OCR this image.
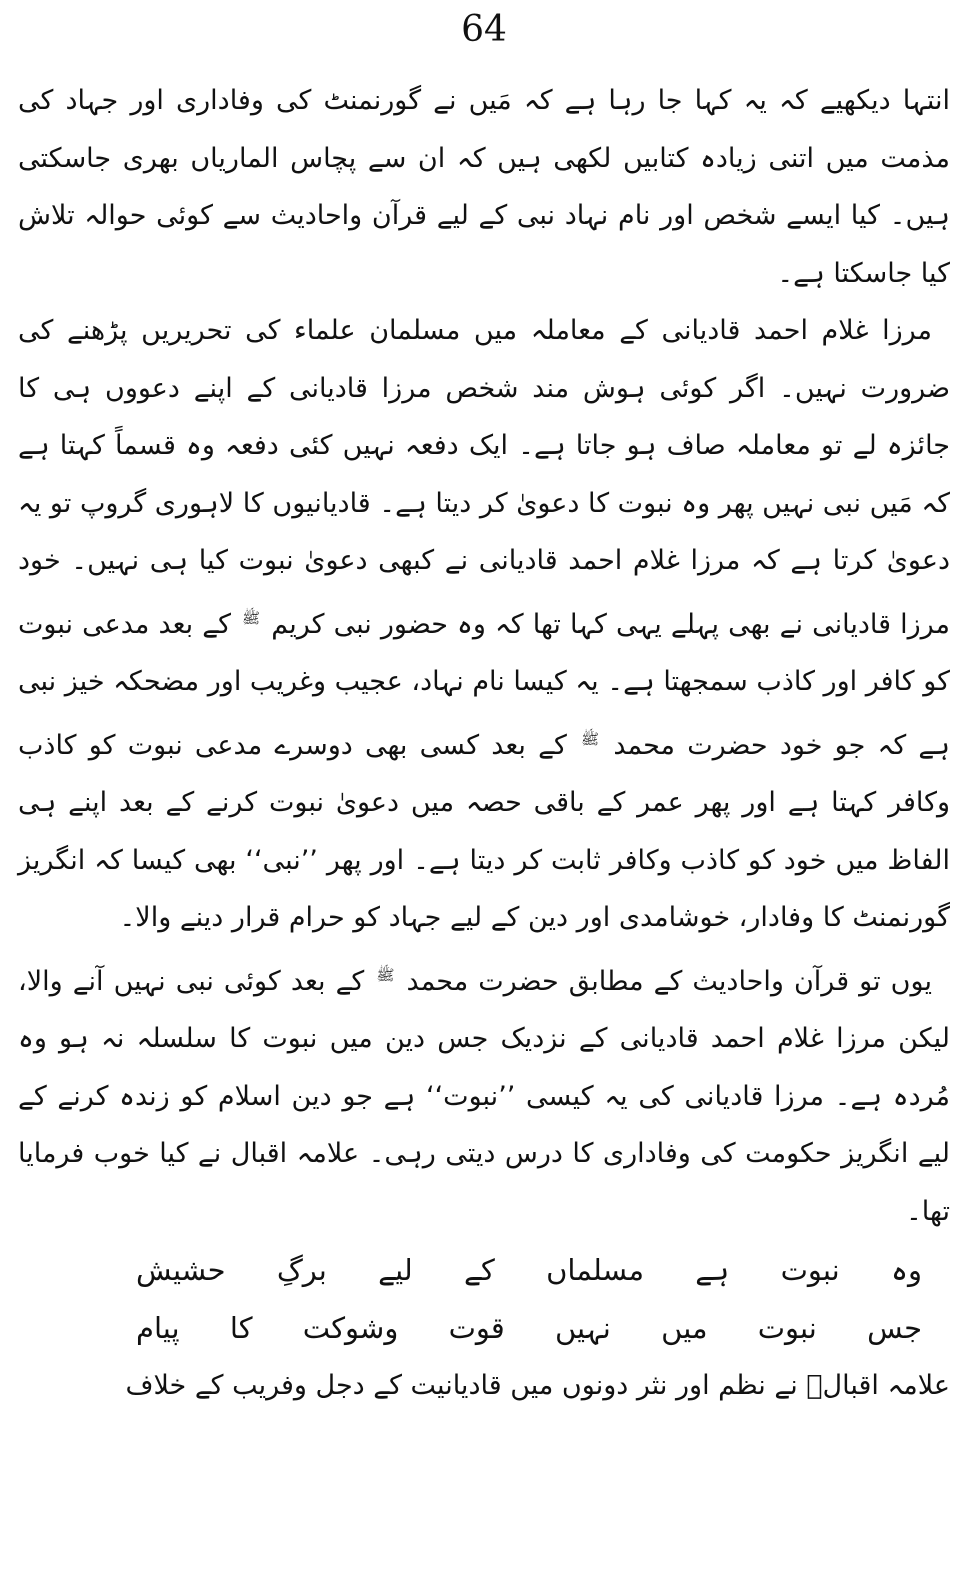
64

انتہا دیکھیے کہ یہ کہا جا رہا ہے کہ مَیں نے گورنمنٹ کی وفاداری اور جہاد کی مذمت میں اتنی زیادہ کتابیں لکھی ہیں کہ ان سے پچاس الماریاں بھری جاسکتی ہیں۔ کیا ایسے شخص اور نام نہاد نبی کے لیے قرآن واحادیث سے کوئی حوالہ تلاش کیا جاسکتا ہے۔

مرزا غلام احمد قادیانی کے معاملہ میں مسلمان علماء کی تحریریں پڑھنے کی ضرورت نہیں۔ اگر کوئی ہوش مند شخص مرزا قادیانی کے اپنے دعووں ہی کا جائزہ لے تو معاملہ صاف ہو جاتا ہے۔ ایک دفعہ نہیں کئی دفعہ وہ قسماً کہتا ہے کہ مَیں نبی نہیں پھر وہ نبوت کا دعویٰ کر دیتا ہے۔ قادیانیوں کا لاہوری گروپ تو یہ دعویٰ کرتا ہے کہ مرزا غلام احمد قادیانی نے کبھی دعویٰ نبوت کیا ہی نہیں۔ خود مرزا قادیانی نے بھی پہلے یہی کہا تھا کہ وہ حضور نبی کریم $^ﷺ$ کے بعد مدعی نبوت کو کافر اور کاذب سمجھتا ہے۔ یہ کیسا نام نہاد، عجیب وغریب اور مضحکہ خیز نبی ہے کہ جو خود حضرت محمد $^ﷺ$ کے بعد کسی بھی دوسرے مدعی نبوت کو کاذب وکافر کہتا ہے اور پھر عمر کے باقی حصہ میں دعویٰ نبوت کرنے کے بعد اپنے ہی الفاظ میں خود کو کاذب وکافر ثابت کر دیتا ہے۔ اور پھر ’’نبی‘‘ بھی کیسا کہ انگریز گورنمنٹ کا وفادار، خوشامدی اور دین کے لیے جہاد کو حرام قرار دینے والا۔

یوں تو قرآن واحادیث کے مطابق حضرت محمد $^ﷺ$ کے بعد کوئی نبی نہیں آنے والا، لیکن مرزا غلام احمد قادیانی کے نزدیک جس دین میں نبوت کا سلسلہ نہ ہو وہ مُردہ ہے۔ مرزا قادیانی کی یہ کیسی ’’نبوت‘‘ ہے جو دین اسلام کو زندہ کرنے کے لیے انگریز حکومت کی وفاداری کا درس دیتی رہی۔ علامہ اقبال نے کیا خوب فرمایا تھا۔

وہ نبوت ہے مسلماں کے لیے برگِ حشیش

جس نبوت میں نہیں قوت وشوکت کا پیام

علامہ اقبالؒ نے نظم اور نثر دونوں میں قادیانیت کے دجل وفریب کے خلاف
